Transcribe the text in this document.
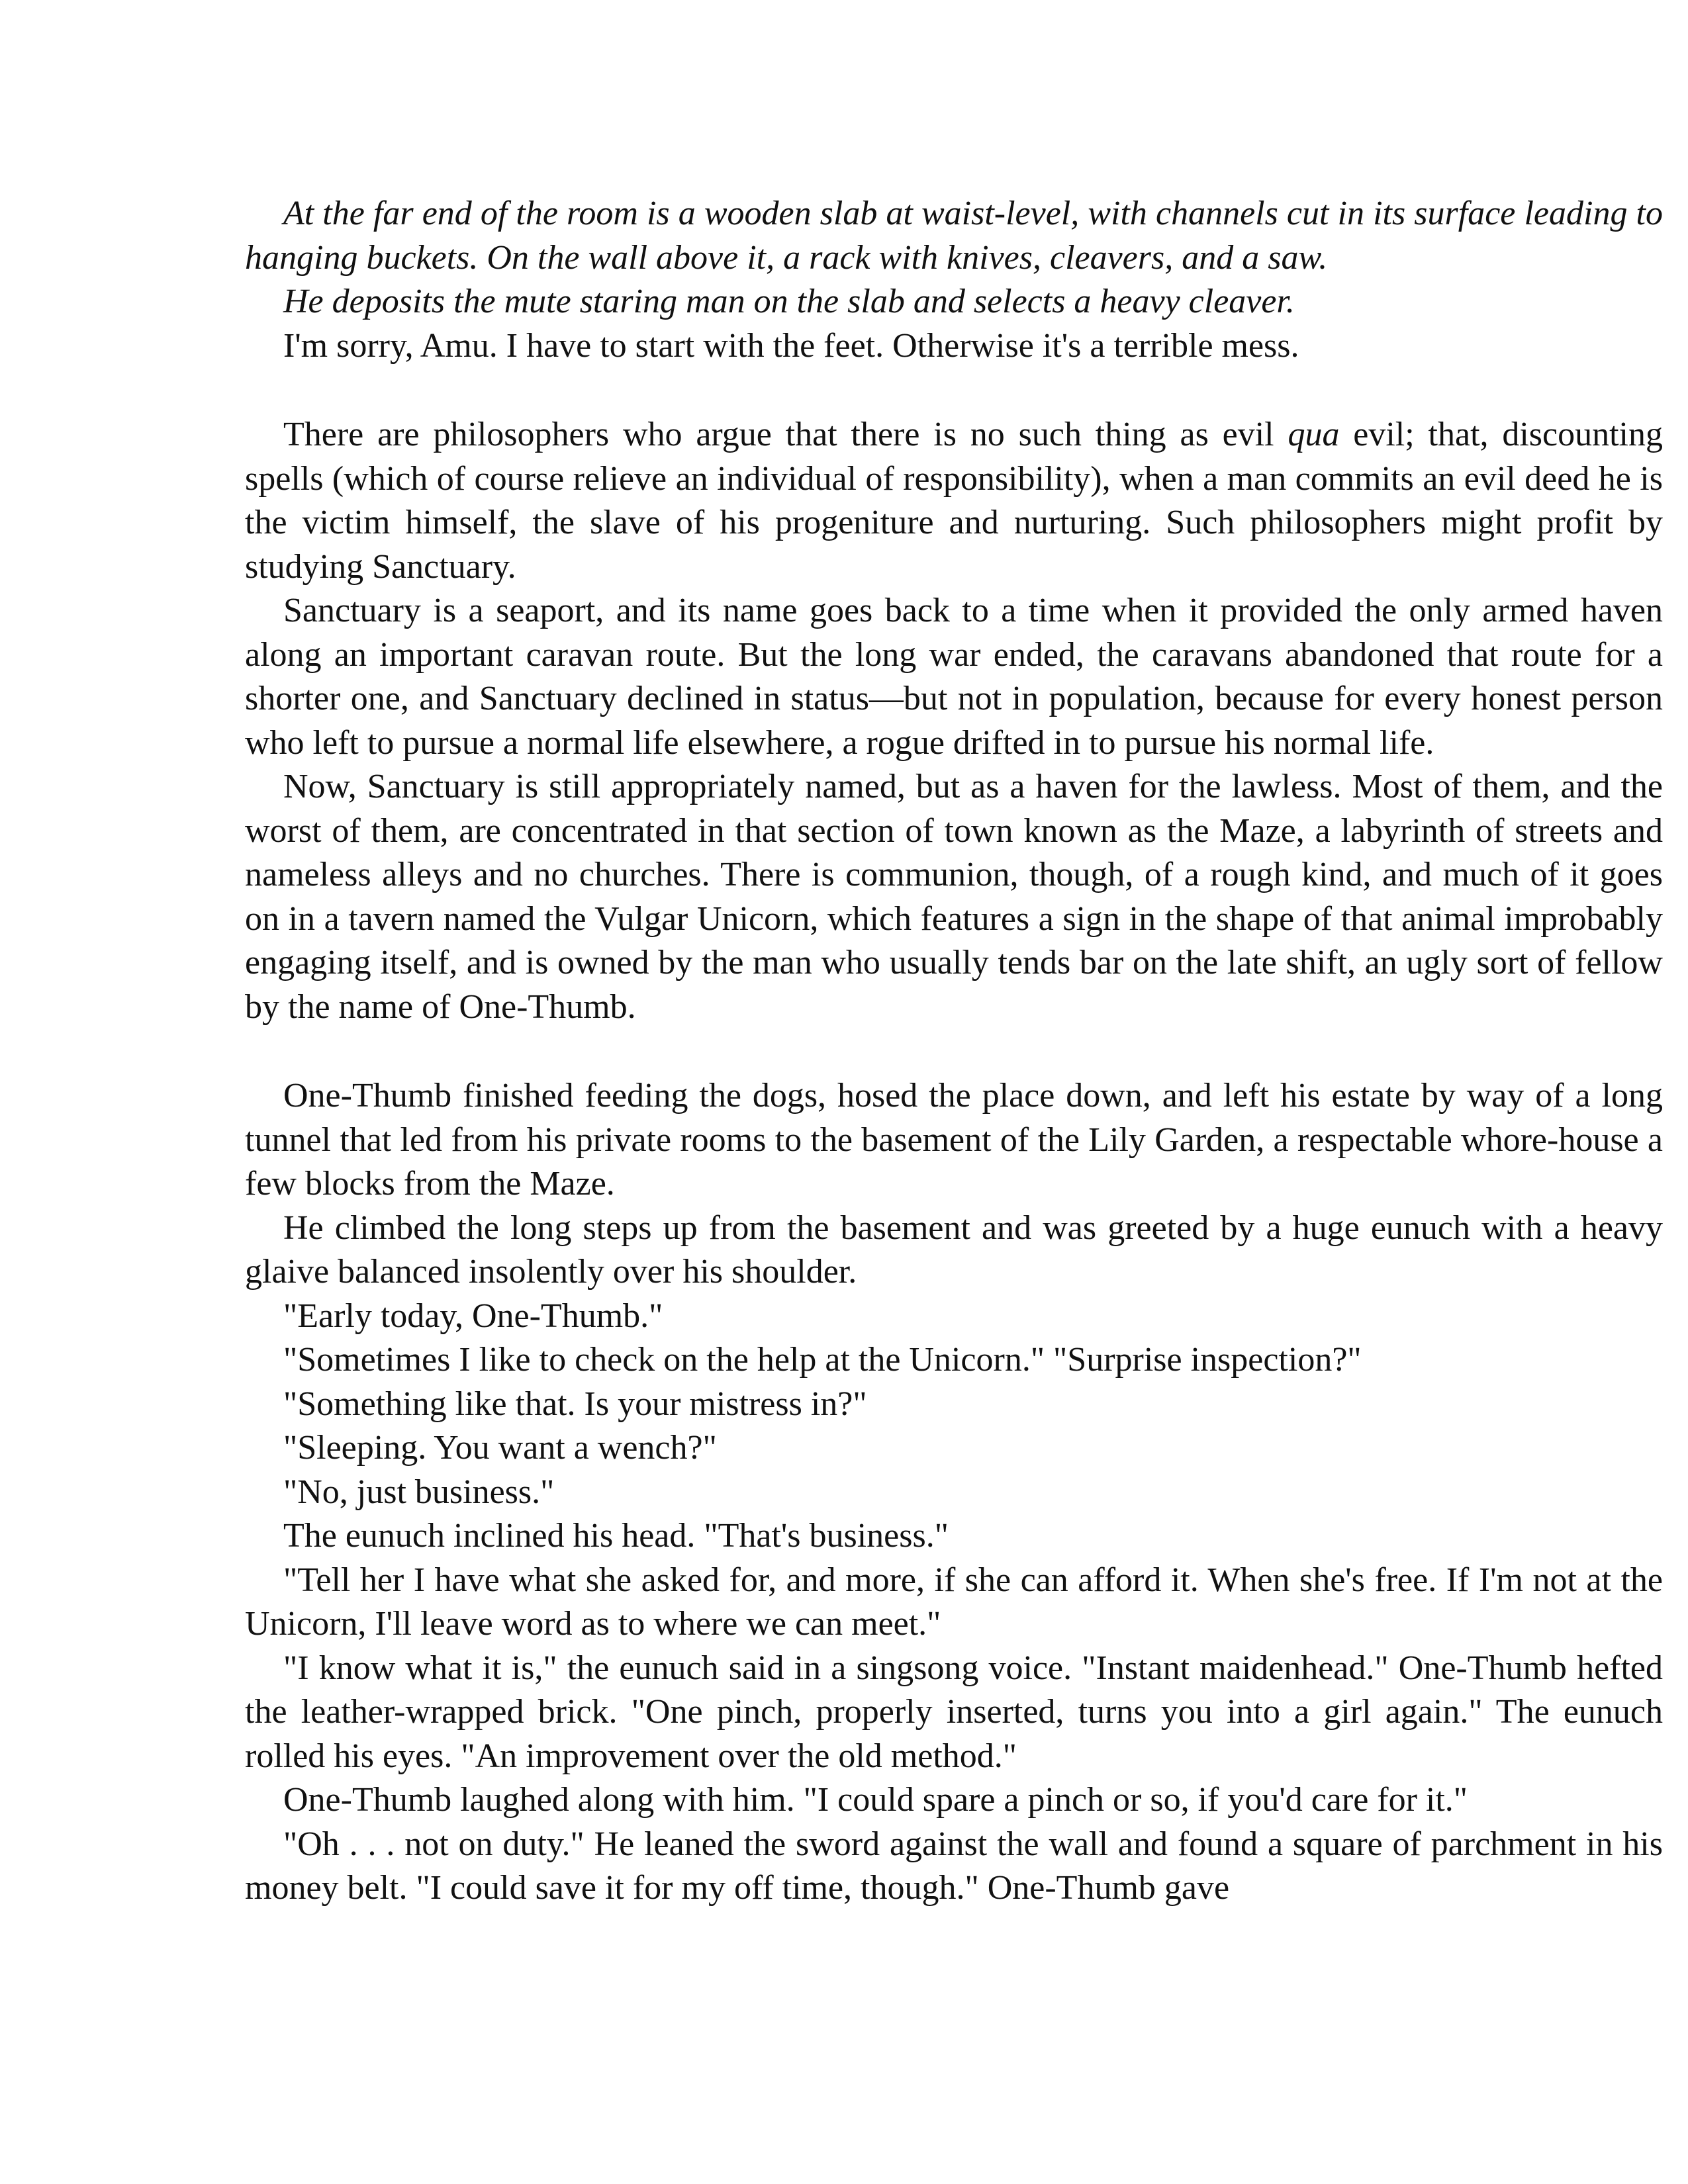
At the far end of the room is a wooden slab at waist-level, with channels cut in its surface leading to hanging buckets. On the wall above it, a rack with knives, cleavers, and a saw.

He deposits the mute staring man on the slab and selects a heavy cleaver.

I'm sorry, Amu. I have to start with the feet. Otherwise it's a terrible mess.

There are philosophers who argue that there is no such thing as evil qua evil; that, discounting spells (which of course relieve an individual of responsibility), when a man commits an evil deed he is the victim himself, the slave of his progeniture and nurturing. Such philosophers might profit by studying Sanctuary.

Sanctuary is a seaport, and its name goes back to a time when it provided the only armed haven along an important caravan route. But the long war ended, the caravans abandoned that route for a shorter one, and Sanctuary declined in status—but not in population, because for every honest person who left to pursue a normal life elsewhere, a rogue drifted in to pursue his normal life.

Now, Sanctuary is still appropriately named, but as a haven for the lawless. Most of them, and the worst of them, are concentrated in that section of town known as the Maze, a labyrinth of streets and nameless alleys and no churches. There is communion, though, of a rough kind, and much of it goes on in a tavern named the Vulgar Unicorn, which features a sign in the shape of that animal improbably engaging itself, and is owned by the man who usually tends bar on the late shift, an ugly sort of fellow by the name of One-Thumb.

One-Thumb finished feeding the dogs, hosed the place down, and left his estate by way of a long tunnel that led from his private rooms to the basement of the Lily Garden, a respectable whore-house a few blocks from the Maze.

He climbed the long steps up from the basement and was greeted by a huge eunuch with a heavy glaive balanced insolently over his shoulder.

"Early today, One-Thumb."

"Sometimes I like to check on the help at the Unicorn." "Surprise inspection?"

"Something like that. Is your mistress in?"

"Sleeping. You want a wench?"

"No, just business."

The eunuch inclined his head. "That's business."

"Tell her I have what she asked for, and more, if she can afford it. When she's free. If I'm not at the Unicorn, I'll leave word as to where we can meet."

"I know what it is," the eunuch said in a singsong voice. "Instant maidenhead." One-Thumb hefted the leather-wrapped brick. "One pinch, properly inserted, turns you into a girl again." The eunuch rolled his eyes. "An improvement over the old method."

One-Thumb laughed along with him. "I could spare a pinch or so, if you'd care for it."

"Oh . . . not on duty." He leaned the sword against the wall and found a square of parchment in his money belt. "I could save it for my off time, though." One-Thumb gave
